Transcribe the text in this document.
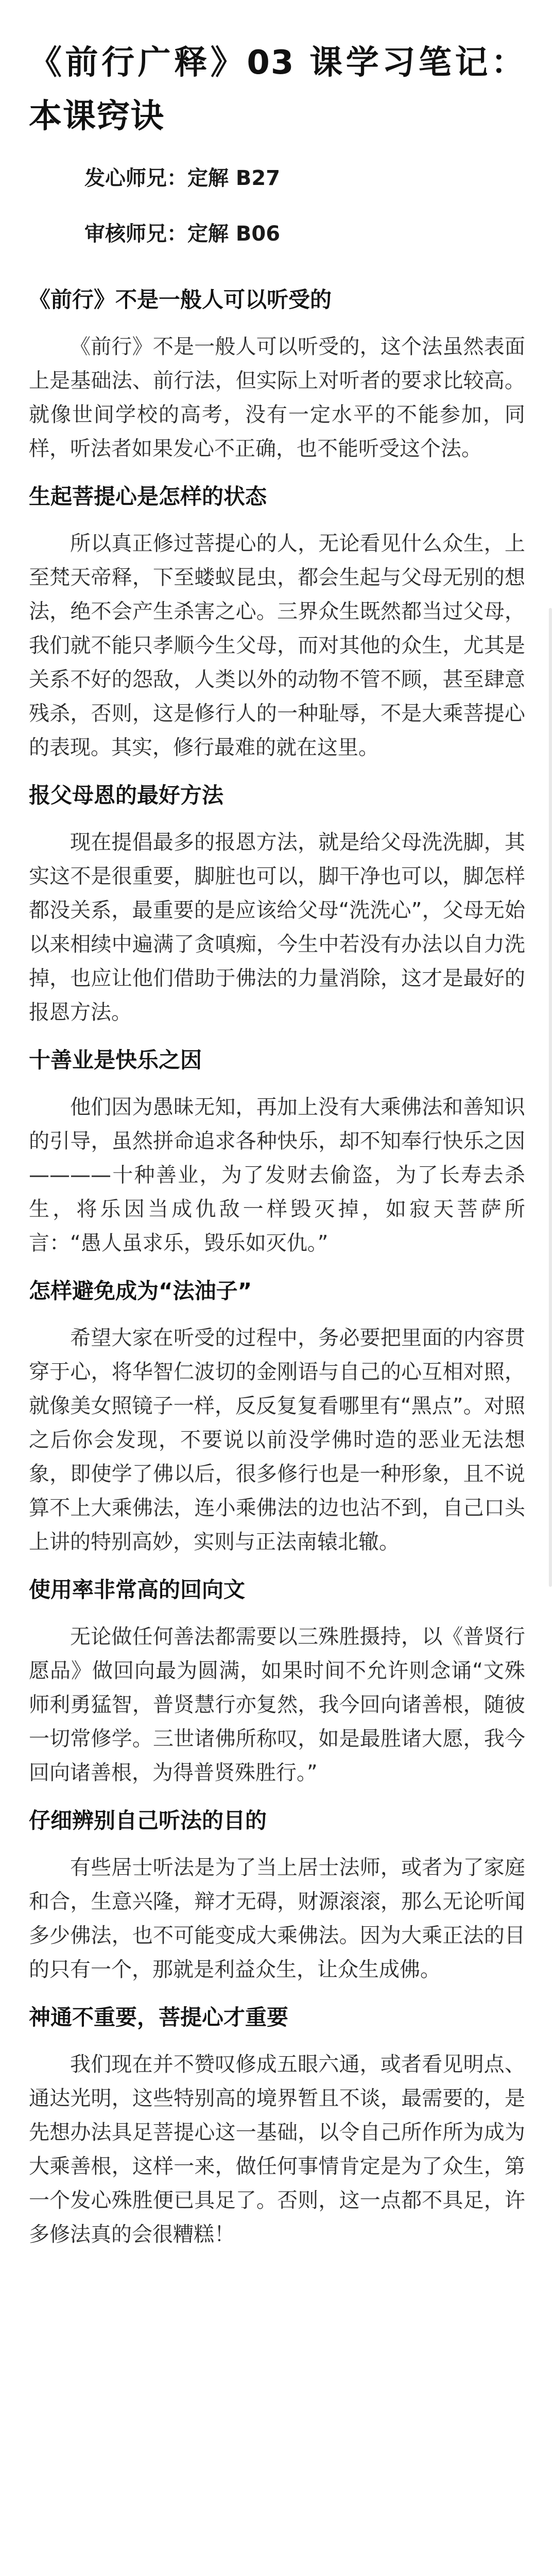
《前行广释》03 课学习笔记：本课窍诀
发心师兄：定解 B27
审核师兄：定解 B06
《前行》不是一般人可以听受的

《前行》不是一般人可以听受的，这个法虽然表面上是基础法、前行法，但实际上对听者的要求比较高。就像世间学校的高考，没有一定水平的不能参加，同样，听法者如果发心不正确，也不能听受这个法。

生起菩提心是怎样的状态

所以真正修过菩提心的人，无论看见什么众生，上至梵天帝释，下至蝼蚁昆虫，都会生起与父母无别的想法，绝不会产生杀害之心。三界众生既然都当过父母，我们就不能只孝顺今生父母，而对其他的众生，尤其是关系不好的怨敌，人类以外的动物不管不顾，甚至肆意残杀，否则，这是修行人的一种耻辱，不是大乘菩提心的表现。其实，修行最难的就在这里。

报父母恩的最好方法

现在提倡最多的报恩方法，就是给父母洗洗脚，其实这不是很重要，脚脏也可以，脚干净也可以，脚怎样都没关系，最重要的是应该给父母“洗洗心”，父母无始以来相续中遍满了贪嗔痴，今生中若没有办法以自力洗掉，也应让他们借助于佛法的力量消除，这才是最好的报恩方法。

十善业是快乐之因

他们因为愚昧无知，再加上没有大乘佛法和善知识的引导，虽然拼命追求各种快乐，却不知奉行快乐之因————十种善业，为了发财去偷盗，为了长寿去杀生，将乐因当成仇敌一样毁灭掉，如寂天菩萨所言：“愚人虽求乐，毁乐如灭仇。”

怎样避免成为“法油子”

希望大家在听受的过程中，务必要把里面的内容贯穿于心，将华智仁波切的金刚语与自己的心互相对照，就像美女照镜子一样，反反复复看哪里有“黑点”。对照之后你会发现，不要说以前没学佛时造的恶业无法想象，即使学了佛以后，很多修行也是一种形象，且不说算不上大乘佛法，连小乘佛法的边也沾不到，自己口头上讲的特别高妙，实则与正法南辕北辙。

使用率非常高的回向文

无论做任何善法都需要以三殊胜摄持，以《普贤行愿品》做回向最为圆满，如果时间不允许则念诵“文殊师利勇猛智，普贤慧行亦复然，我今回向诸善根，随彼一切常修学。三世诸佛所称叹，如是最胜诸大愿，我今回向诸善根，为得普贤殊胜行。”

仔细辨别自己听法的目的

有些居士听法是为了当上居士法师，或者为了家庭和合，生意兴隆，辩才无碍，财源滚滚，那么无论听闻多少佛法，也不可能变成大乘佛法。因为大乘正法的目的只有一个，那就是利益众生，让众生成佛。

神通不重要，菩提心才重要

我们现在并不赞叹修成五眼六通，或者看见明点、通达光明，这些特别高的境界暂且不谈，最需要的，是先想办法具足菩提心这一基础，以令自己所作所为成为大乘善根，这样一来，做任何事情肯定是为了众生，第一个发心殊胜便已具足了。否则，这一点都不具足，许多修法真的会很糟糕！
